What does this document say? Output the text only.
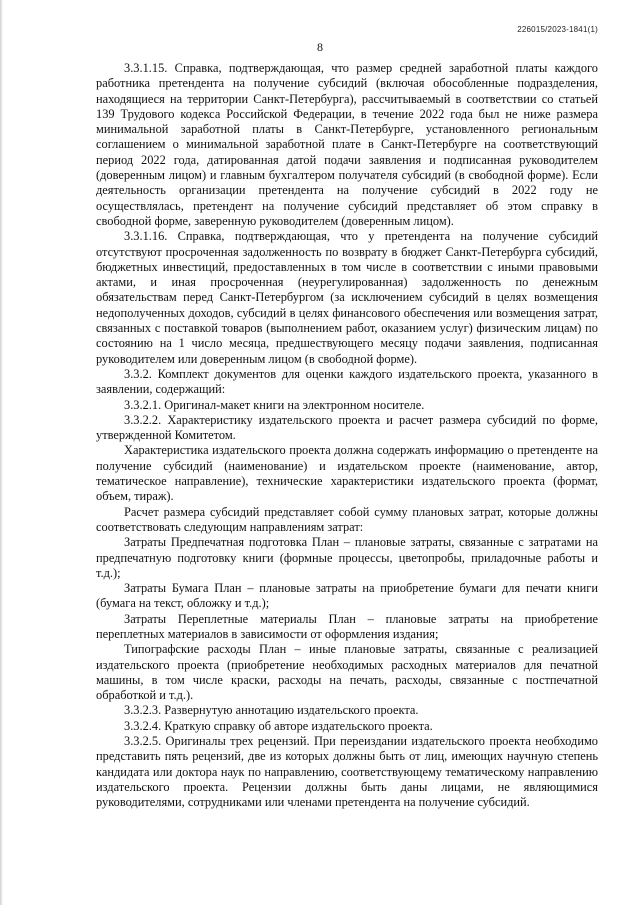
226015/2023-1841(1)
8

3.3.1.15. Справка, подтверждающая, что размер средней заработной платы каждого работника претендента на получение субсидий (включая обособленные подразделения, находящиеся на территории Санкт-Петербурга), рассчитываемый в соответствии со статьей 139 Трудового кодекса Российской Федерации, в течение 2022 года был не ниже размера минимальной заработной платы в Санкт-Петербурге, установленного региональным соглашением о минимальной заработной плате в Санкт-Петербурге на соответствующий период 2022 года, датированная датой подачи заявления и подписанная руководителем (доверенным лицом) и главным бухгалтером получателя субсидий (в свободной форме). Если деятельность организации претендента на получение субсидий в 2022 году не осуществлялась, претендент на получение субсидий представляет об этом справку в свободной форме, заверенную руководителем (доверенным лицом).

3.3.1.16. Справка, подтверждающая, что у претендента на получение субсидий отсутствуют просроченная задолженность по возврату в бюджет Санкт-Петербурга субсидий, бюджетных инвестиций, предоставленных в том числе в соответствии с иными правовыми актами, и иная просроченная (неурегулированная) задолженность по денежным обязательствам перед Санкт-Петербургом (за исключением субсидий в целях возмещения недополученных доходов, субсидий в целях финансового обеспечения или возмещения затрат, связанных с поставкой товаров (выполнением работ, оказанием услуг) физическим лицам) по состоянию на 1 число месяца, предшествующего месяцу подачи заявления, подписанная руководителем или доверенным лицом (в свободной форме).

3.3.2. Комплект документов для оценки каждого издательского проекта, указанного в заявлении, содержащий:

3.3.2.1. Оригинал-макет книги на электронном носителе.

3.3.2.2. Характеристику издательского проекта и расчет размера субсидий по форме, утвержденной Комитетом.

Характеристика издательского проекта должна содержать информацию о претенденте на получение субсидий (наименование) и издательском проекте (наименование, автор, тематическое направление), технические характеристики издательского проекта (формат, объем, тираж).

Расчет размера субсидий представляет собой сумму плановых затрат, которые должны соответствовать следующим направлениям затрат:

Затраты Предпечатная подготовка План – плановые затраты, связанные с затратами на предпечатную подготовку книги (формные процессы, цветопробы, приладочные работы и т.д.);

Затраты Бумага План – плановые затраты на приобретение бумаги для печати книги (бумага на текст, обложку и т.д.);

Затраты Переплетные материалы План – плановые затраты на приобретение переплетных материалов в зависимости от оформления издания;

Типографские расходы План – иные плановые затраты, связанные с реализацией издательского проекта (приобретение необходимых расходных материалов для печатной машины, в том числе краски, расходы на печать, расходы, связанные с постпечатной обработкой и т.д.).

3.3.2.3. Развернутую аннотацию издательского проекта.

3.3.2.4. Краткую справку об авторе издательского проекта.

3.3.2.5. Оригиналы трех рецензий. При переиздании издательского проекта необходимо представить пять рецензий, две из которых должны быть от лиц, имеющих научную степень кандидата или доктора наук по направлению, соответствующему тематическому направлению издательского проекта. Рецензии должны быть даны лицами, не являющимися руководителями, сотрудниками или членами претендента на получение субсидий.
